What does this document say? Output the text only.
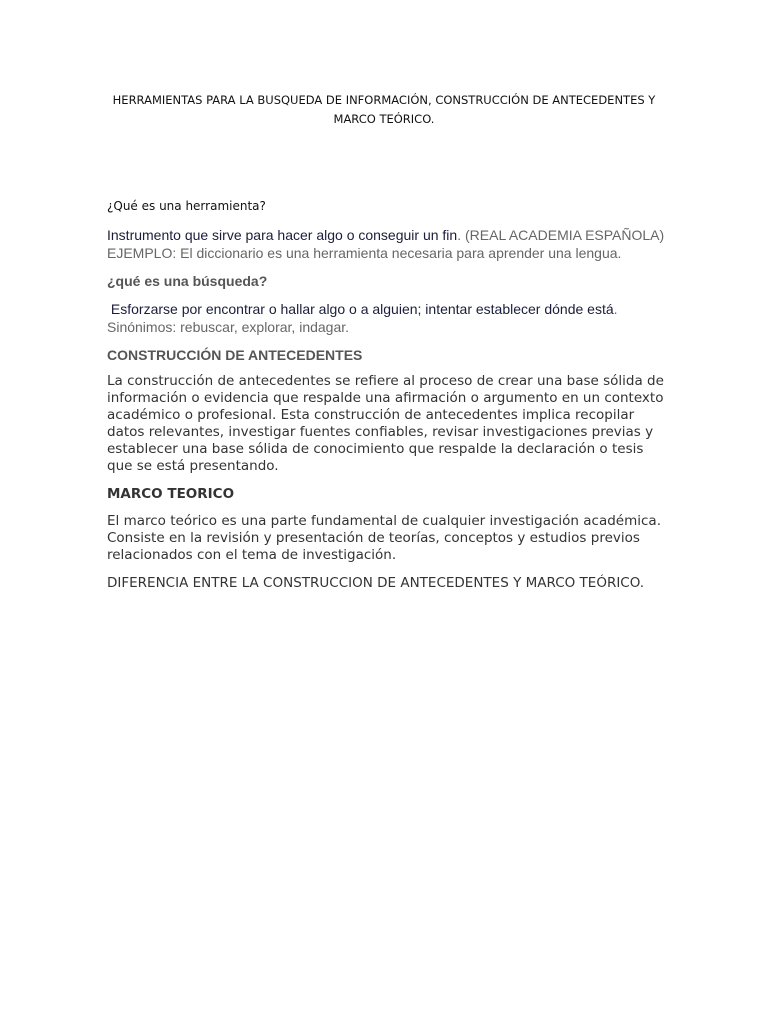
HERRAMIENTAS PARA LA BUSQUEDA DE INFORMACIÓN, CONSTRUCCIÓN DE ANTECEDENTES Y MARCO TEÓRICO.

¿Qué es una herramienta?

Instrumento que sirve para hacer algo o conseguir un fin. (REAL ACADEMIA ESPAÑOLA)
EJEMPLO: El diccionario es una herramienta necesaria para aprender una lengua.

¿qué es una búsqueda?

Esforzarse por encontrar o hallar algo o a alguien; intentar establecer dónde está.
Sinónimos: rebuscar, explorar, indagar.

CONSTRUCCIÓN DE ANTECEDENTES

La construcción de antecedentes se refiere al proceso de crear una base sólida de información o evidencia que respalde una afirmación o argumento en un contexto académico o profesional. Esta construcción de antecedentes implica recopilar datos relevantes, investigar fuentes confiables, revisar investigaciones previas y establecer una base sólida de conocimiento que respalde la declaración o tesis que se está presentando.

MARCO TEORICO

El marco teórico es una parte fundamental de cualquier investigación académica. Consiste en la revisión y presentación de teorías, conceptos y estudios previos relacionados con el tema de investigación.

DIFERENCIA ENTRE LA CONSTRUCCION DE ANTECEDENTES Y MARCO TEÓRICO.
